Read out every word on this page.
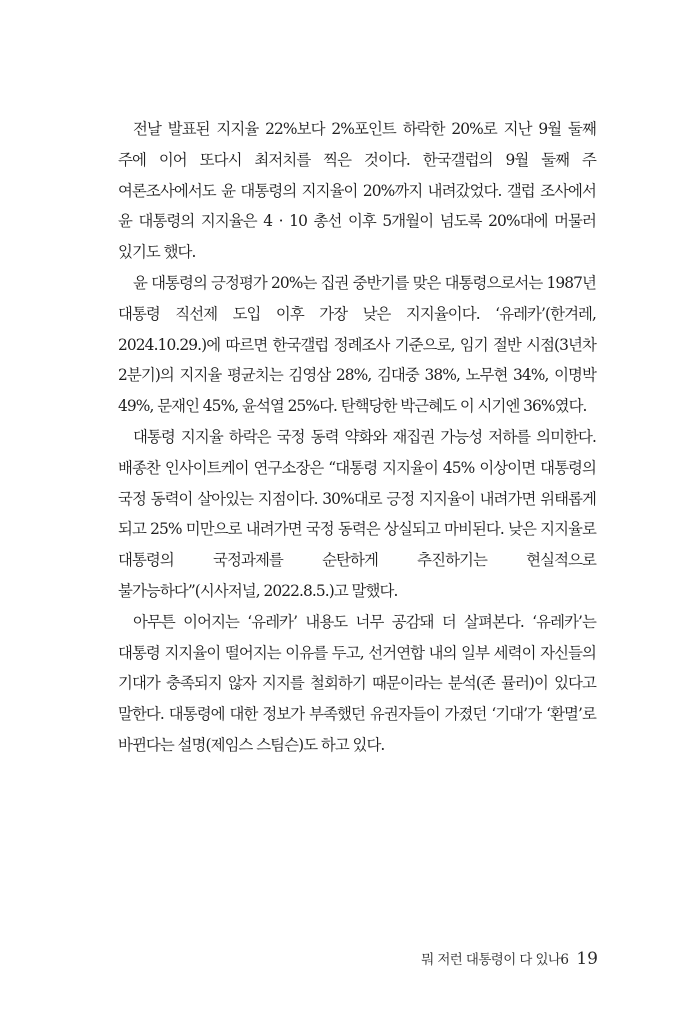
전날 발표된 지지율 22%보다 2%포인트 하락한 20%로 지난 9월 둘째 주에 이어 또다시 최저치를 찍은 것이다. 한국갤럽의 9월 둘째 주 여론조사에서도 윤 대통령의 지지율이 20%까지 내려갔었다. 갤럽 조사에서 윤 대통령의 지지율은 4 · 10 총선 이후 5개월이 넘도록 20%대에 머물러 있기도 했다.

윤 대통령의 긍정평가 20%는 집권 중반기를 맞은 대통령으로서는 1987년 대통령 직선제 도입 이후 가장 낮은 지지율이다. ‘유레카’(한겨레, 2024.10.29.)에 따르면 한국갤럽 정례조사 기준으로, 임기 절반 시점(3년차 2분기)의 지지율 평균치는 김영삼 28%, 김대중 38%, 노무현 34%, 이명박 49%, 문재인 45%, 윤석열 25%다. 탄핵당한 박근혜도 이 시기엔 36%였다.

대통령 지지율 하락은 국정 동력 약화와 재집권 가능성 저하를 의미한다. 배종찬 인사이트케이 연구소장은 “대통령 지지율이 45% 이상이면 대통령의 국정 동력이 살아있는 지점이다. 30%대로 긍정 지지율이 내려가면 위태롭게 되고 25% 미만으로 내려가면 국정 동력은 상실되고 마비된다. 낮은 지지율로 대통령의 국정과제를 순탄하게 추진하기는 현실적으로 불가능하다”(시사저널, 2022.8.5.)고 말했다.

아무튼 이어지는 ‘유레카’ 내용도 너무 공감돼 더 살펴본다. ‘유레카’는 대통령 지지율이 떨어지는 이유를 두고, 선거연합 내의 일부 세력이 자신들의 기대가 충족되지 않자 지지를 철회하기 때문이라는 분석(존 뮬러)이 있다고 말한다. 대통령에 대한 정보가 부족했던 유권자들이 가졌던 ‘기대’가 ‘환멸’로 바뀐다는 설명(제임스 스팀슨)도 하고 있다.

뭐 저런 대통령이 다 있나6 19
